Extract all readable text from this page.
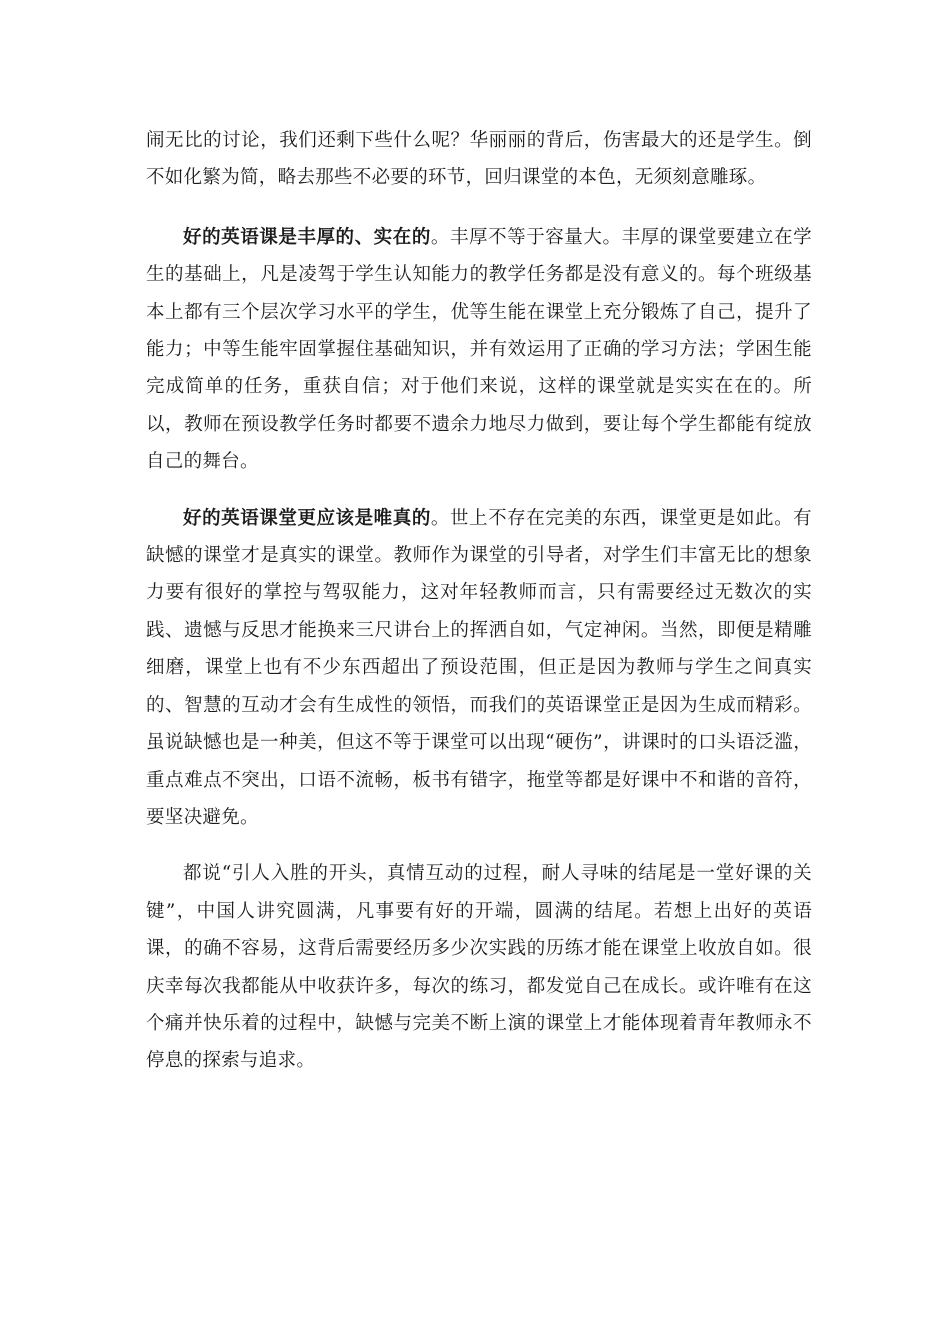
闹无比的讨论，我们还剩下些什么呢？华丽丽的背后，伤害最大的还是学生。倒不如化繁为简，略去那些不必要的环节，回归课堂的本色，无须刻意雕琢。

好的英语课是丰厚的、实在的。丰厚不等于容量大。丰厚的课堂要建立在学生的基础上，凡是凌驾于学生认知能力的教学任务都是没有意义的。每个班级基本上都有三个层次学习水平的学生，优等生能在课堂上充分锻炼了自己，提升了能力；中等生能牢固掌握住基础知识，并有效运用了正确的学习方法；学困生能完成简单的任务，重获自信；对于他们来说，这样的课堂就是实实在在的。所以，教师在预设教学任务时都要不遗余力地尽力做到，要让每个学生都能有绽放自己的舞台。

好的英语课堂更应该是唯真的。世上不存在完美的东西，课堂更是如此。有缺憾的课堂才是真实的课堂。教师作为课堂的引导者，对学生们丰富无比的想象力要有很好的掌控与驾驭能力，这对年轻教师而言，只有需要经过无数次的实践、遗憾与反思才能换来三尺讲台上的挥洒自如，气定神闲。当然，即便是精雕细磨，课堂上也有不少东西超出了预设范围，但正是因为教师与学生之间真实的、智慧的互动才会有生成性的领悟，而我们的英语课堂正是因为生成而精彩。虽说缺憾也是一种美，但这不等于课堂可以出现“硬伤”，讲课时的口头语泛滥，重点难点不突出，口语不流畅，板书有错字，拖堂等都是好课中不和谐的音符，要坚决避免。

都说“引人入胜的开头，真情互动的过程，耐人寻味的结尾是一堂好课的关键”，中国人讲究圆满，凡事要有好的开端，圆满的结尾。若想上出好的英语课，的确不容易，这背后需要经历多少次实践的历练才能在课堂上收放自如。很庆幸每次我都能从中收获许多，每次的练习，都发觉自己在成长。或许唯有在这个痛并快乐着的过程中，缺憾与完美不断上演的课堂上才能体现着青年教师永不停息的探索与追求。
